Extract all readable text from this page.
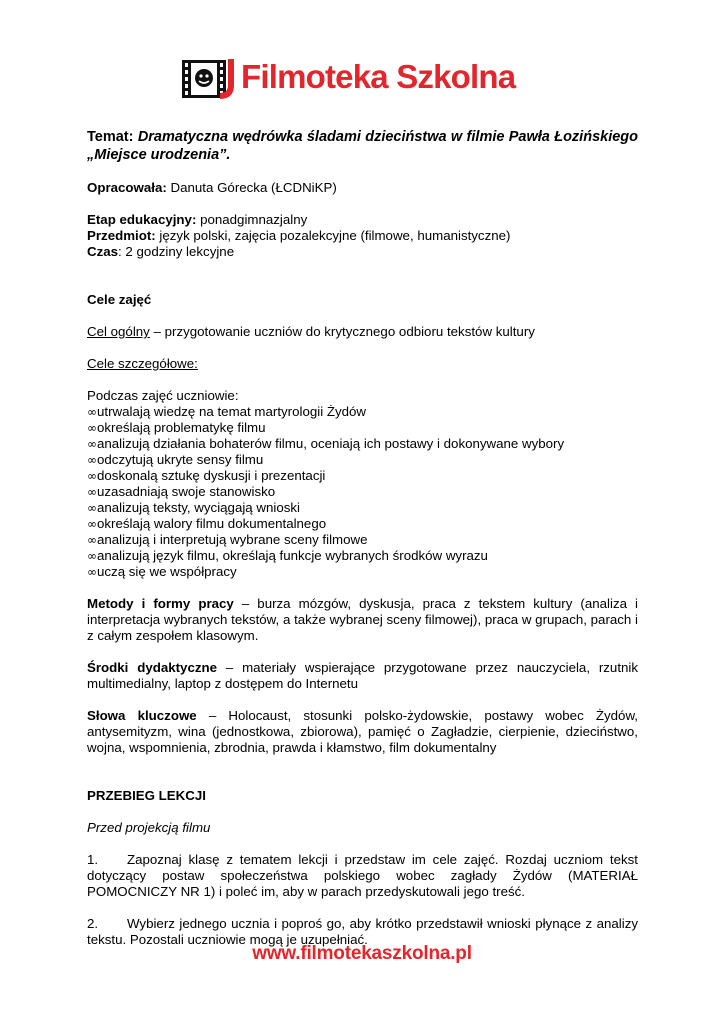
Filmoteka Szkolna

Temat: Dramatyczna wędrówka śladami dzieciństwa w filmie Pawła Łozińskiego „Miejsce urodzenia”.

Opracowała: Danuta Górecka (ŁCDNiKP)

Etap edukacyjny: ponadgimnazjalny

Przedmiot: język polski, zajęcia pozalekcyjne (filmowe, humanistyczne)

Czas: 2 godziny lekcyjne

Cele zajęć

Cel ogólny – przygotowanie uczniów do krytycznego odbioru tekstów kultury

Cele szczegółowe:

Podczas zajęć uczniowie:

∞utrwalają wiedzę na temat martyrologii Żydów
∞określają problematykę filmu
∞analizują działania bohaterów filmu, oceniają ich postawy i dokonywane wybory
∞odczytują ukryte sensy filmu
∞doskonalą sztukę dyskusji i prezentacji
∞uzasadniają swoje stanowisko
∞analizują teksty, wyciągają wnioski
∞określają walory filmu dokumentalnego
∞analizują i interpretują wybrane sceny filmowe
∞analizują język filmu, określają funkcje wybranych środków wyrazu
∞uczą się we współpracy

Metody i formy pracy – burza mózgów, dyskusja, praca z tekstem kultury (analiza i interpretacja wybranych tekstów, a także wybranej sceny filmowej), praca w grupach, parach i z całym zespołem klasowym.

Środki dydaktyczne – materiały wspierające przygotowane przez nauczyciela, rzutnik multimedialny, laptop z dostępem do Internetu

Słowa kluczowe – Holocaust, stosunki polsko-żydowskie, postawy wobec Żydów, antysemityzm, wina (jednostkowa, zbiorowa), pamięć o Zagładzie, cierpienie, dzieciństwo, wojna, wspomnienia, zbrodnia, prawda i kłamstwo, film dokumentalny

PRZEBIEG LEKCJI

Przed projekcją filmu

1. Zapoznaj klasę z tematem lekcji i przedstaw im cele zajęć. Rozdaj uczniom tekst dotyczący postaw społeczeństwa polskiego wobec zagłady Żydów (MATERIAŁ POMOCNICZY NR 1) i poleć im, aby w parach przedyskutowali jego treść.

2. Wybierz jednego ucznia i poproś go, aby krótko przedstawił wnioski płynące z analizy tekstu. Pozostali uczniowie mogą je uzupełniać.

www.filmotekaszkolna.pl
